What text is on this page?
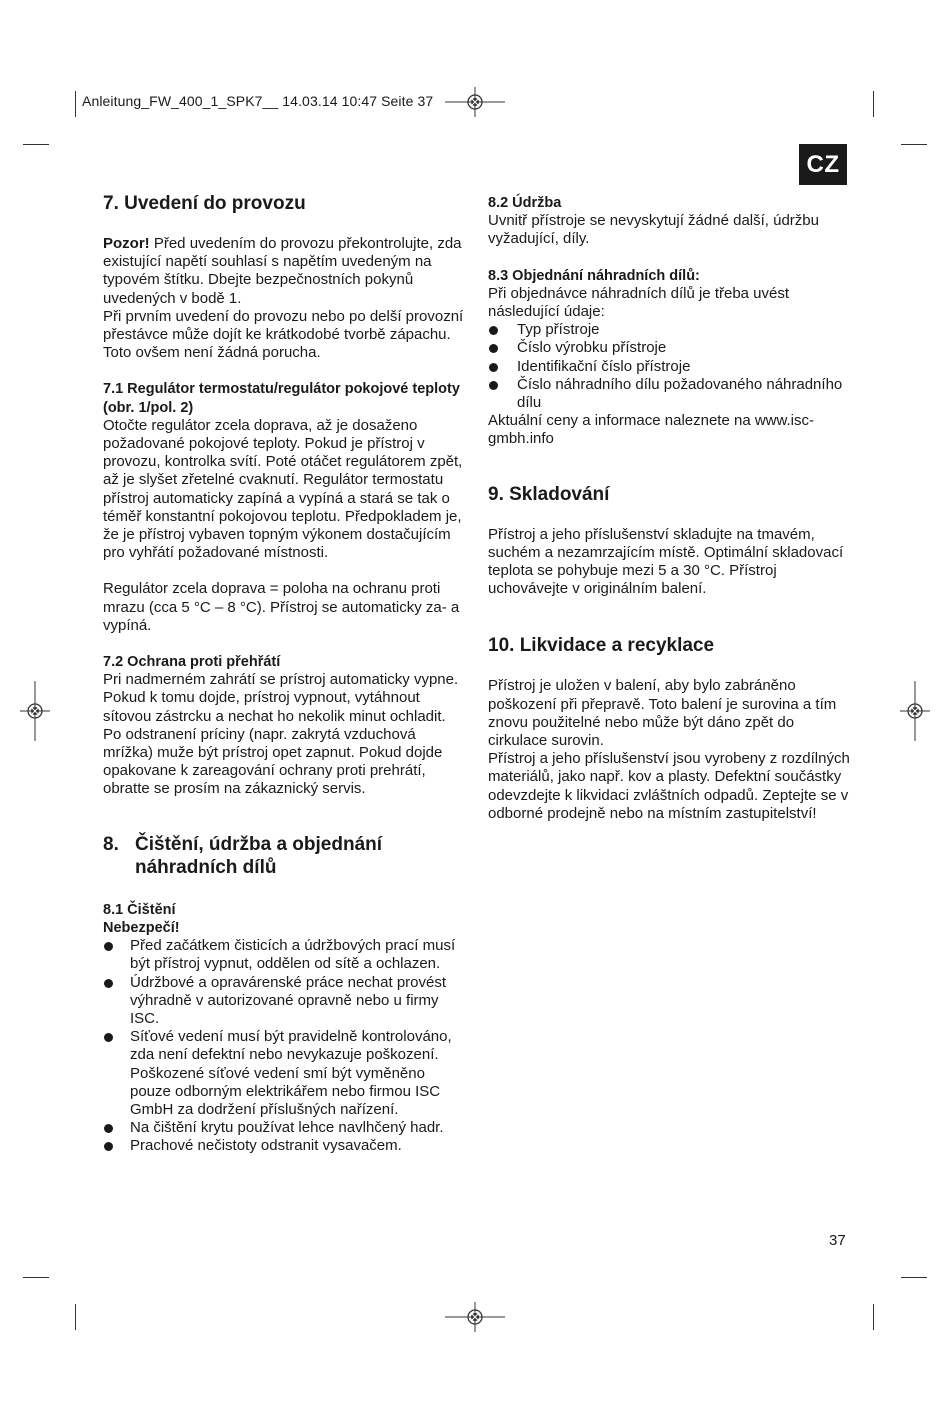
Anleitung_FW_400_1_SPK7__ 14.03.14 10:47 Seite 37
CZ
7. Uvedení do provozu

Pozor! Před uvedením do provozu překontrolujte, zda existující napětí souhlasí s napětím uvedeným na typovém štítku. Dbejte bezpečnostních pokynů uvedených v bodě 1.

Při prvním uvedení do provozu nebo po delší provozní přestávce může dojít ke krátkodobé tvorbě zápachu. Toto ovšem není žádná porucha.

7.1 Regulátor termostatu/regulátor pokojové teploty (obr. 1/pol. 2)

Otočte regulátor zcela doprava, až je dosaženo požadované pokojové teploty. Pokud je přístroj v provozu, kontrolka svítí. Poté otáčet regulátorem zpět, až je slyšet zřetelné cvaknutí. Regulátor termostatu přístroj automaticky zapíná a vypíná a stará se tak o téměř konstantní pokojovou teplotu. Předpokladem je, že je přístroj vybaven topným výkonem dostačujícím pro vyhřátí požadované místnosti.

Regulátor zcela doprava = poloha na ochranu proti mrazu (cca 5 °C – 8 °C). Přístroj se automaticky za- a vypíná.

7.2 Ochrana proti přehřátí

Pri nadmerném zahrátí se prístroj automaticky vypne. Pokud k tomu dojde, prístroj vypnout, vytáhnout sítovou zástrcku a nechat ho nekolik minut ochladit. Po odstranení príciny (napr. zakrytá vzduchová mrížka) muže být prístroj opet zapnut. Pokud dojde opakovane k zareagování ochrany proti prehrátí, obratte se prosím na zákaznický servis.

8. Čištění, údržba a objednání náhradních dílů
8.1 Čištění
Nebezpečí!
Před začátkem čisticích a údržbových prací musí být přístroj vypnut, oddělen od sítě a ochlazen.
Údržbové a opravárenské práce nechat provést výhradně v autorizované opravně nebo u firmy ISC.
Síťové vedení musí být pravidelně kontrolováno, zda není defektní nebo nevykazuje poškození. Poškozené síťové vedení smí být vyměněno pouze odborným elektrikářem nebo firmou ISC GmbH za dodržení příslušných nařízení.
Na čištění krytu používat lehce navlhčený hadr.
Prachové nečistoty odstranit vysavačem.
8.2 Údržba

Uvnitř přístroje se nevyskytují žádné další, údržbu vyžadující, díly.

8.3 Objednání náhradních dílů:

Při objednávce náhradních dílů je třeba uvést následující údaje:

Typ přístroje
Číslo výrobku přístroje
Identifikační číslo přístroje
Číslo náhradního dílu požadovaného náhradního dílu

Aktuální ceny a informace naleznete na www.isc-gmbh.info

9. Skladování

Přístroj a jeho příslušenství skladujte na tmavém, suchém a nezamrzajícím místě. Optimální skladovací teplota se pohybuje mezi 5 a 30 °C. Přístroj uchovávejte v originálním balení.

10. Likvidace a recyklace

Přístroj je uložen v balení, aby bylo zabráněno poškození při přepravě. Toto balení je surovina a tím znovu použitelné nebo může být dáno zpět do cirkulace surovin.

Přístroj a jeho příslušenství jsou vyrobeny z rozdílných materiálů, jako např. kov a plasty. Defektní součástky odevzdejte k likvidaci zvláštních odpadů. Zeptejte se v odborné prodejně nebo na místním zastupitelství!

37
